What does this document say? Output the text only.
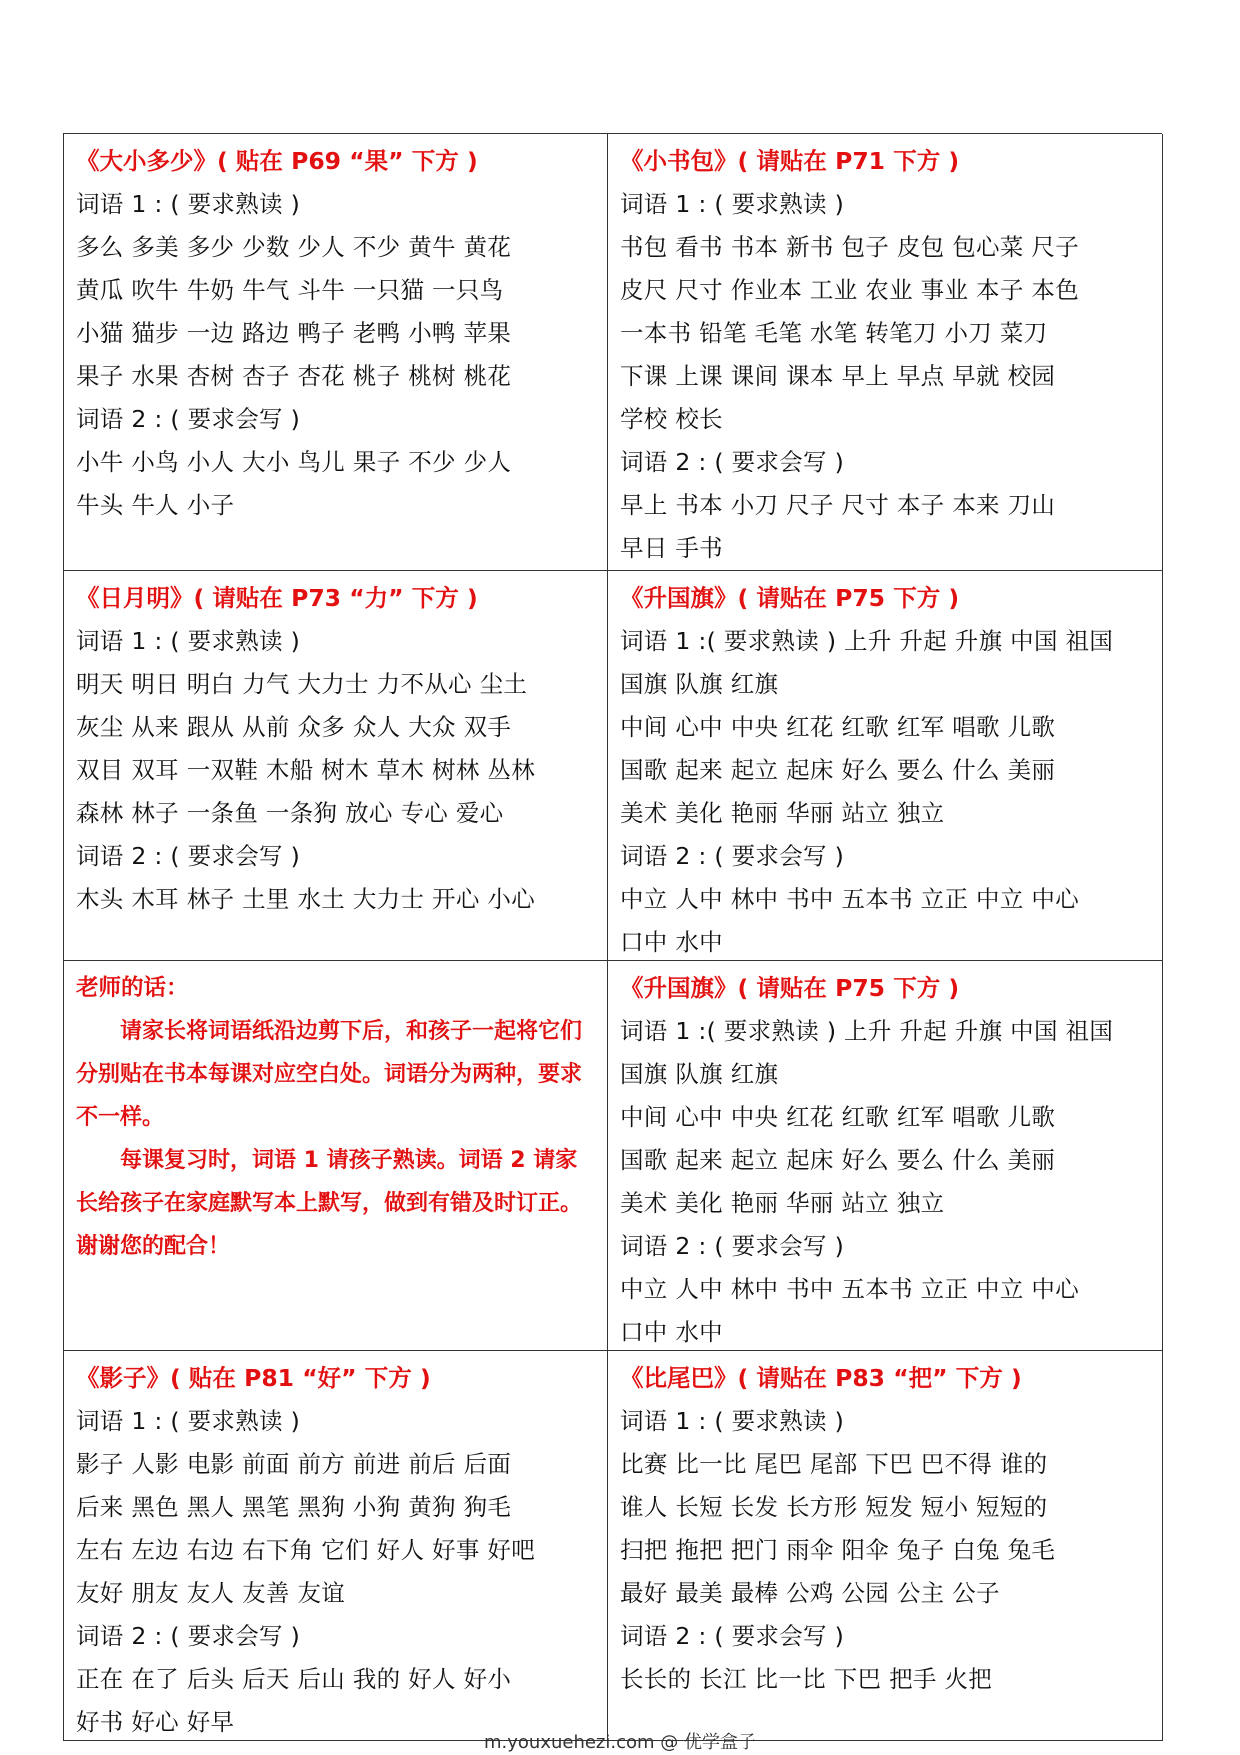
《大小多少》( 贴在 P69 “果” 下方 )
词语 1 : ( 要求熟读 )
多么 多美 多少 少数 少人 不少 黄牛 黄花
黄瓜 吹牛 牛奶 牛气 斗牛 一只猫 一只鸟
小猫 猫步 一边 路边 鸭子 老鸭 小鸭 苹果
果子 水果 杏树 杏子 杏花 桃子 桃树 桃花
词语 2 : ( 要求会写 )
小牛 小鸟 小人 大小 鸟儿 果子 不少 少人
牛头 牛人 小子
《小书包》( 请贴在 P71 下方 )
词语 1 : ( 要求熟读 )
书包 看书 书本 新书 包子 皮包 包心菜 尺子
皮尺 尺寸 作业本 工业 农业 事业 本子 本色
一本书 铅笔 毛笔 水笔 转笔刀 小刀 菜刀
下课 上课 课间 课本 早上 早点 早就 校园
学校 校长
词语 2 : ( 要求会写 )
早上 书本 小刀 尺子 尺寸 本子 本来 刀山
早日 手书
《日月明》( 请贴在 P73 “力” 下方 )
词语 1 : ( 要求熟读 )
明天 明日 明白 力气 大力士 力不从心 尘土
灰尘 从来 跟从 从前 众多 众人 大众 双手
双目 双耳 一双鞋 木船 树木 草木 树林 丛林
森林 林子 一条鱼 一条狗 放心 专心 爱心
词语 2 : ( 要求会写 )
木头 木耳 林子 土里 水土 大力士 开心 小心
《升国旗》( 请贴在 P75 下方 )
词语 1 :( 要求熟读 ) 上升 升起 升旗 中国 祖国
国旗 队旗 红旗
中间 心中 中央 红花 红歌 红军 唱歌 儿歌
国歌 起来 起立 起床 好么 要么 什么 美丽
美术 美化 艳丽 华丽 站立 独立
词语 2 : ( 要求会写 )
中立 人中 林中 书中 五本书 立正 中立 中心
口中 水中
老师的话：

请家长将词语纸沿边剪下后，和孩子一起将它们分别贴在书本每课对应空白处。词语分为两种，要求不一样。

每课复习时，词语 1 请孩子熟读。词语 2 请家长给孩子在家庭默写本上默写，做到有错及时订正。谢谢您的配合！

《升国旗》( 请贴在 P75 下方 )
词语 1 :( 要求熟读 ) 上升 升起 升旗 中国 祖国
国旗 队旗 红旗
中间 心中 中央 红花 红歌 红军 唱歌 儿歌
国歌 起来 起立 起床 好么 要么 什么 美丽
美术 美化 艳丽 华丽 站立 独立
词语 2 : ( 要求会写 )
中立 人中 林中 书中 五本书 立正 中立 中心
口中 水中
《影子》( 贴在 P81 “好” 下方 )
词语 1 : ( 要求熟读 )
影子 人影 电影 前面 前方 前进 前后 后面
后来 黑色 黑人 黑笔 黑狗 小狗 黄狗 狗毛
左右 左边 右边 右下角 它们 好人 好事 好吧
友好 朋友 友人 友善 友谊
词语 2 : ( 要求会写 )
正在 在了 后头 后天 后山 我的 好人 好小
好书 好心 好早
《比尾巴》( 请贴在 P83 “把” 下方 )
词语 1 : ( 要求熟读 )
比赛 比一比 尾巴 尾部 下巴 巴不得 谁的
谁人 长短 长发 长方形 短发 短小 短短的
扫把 拖把 把门 雨伞 阳伞 兔子 白兔 兔毛
最好 最美 最棒 公鸡 公园 公主 公子
词语 2 : ( 要求会写 )
长长的 长江 比一比 下巴 把手 火把
m.youxuehezi.com @ 优学盒子
